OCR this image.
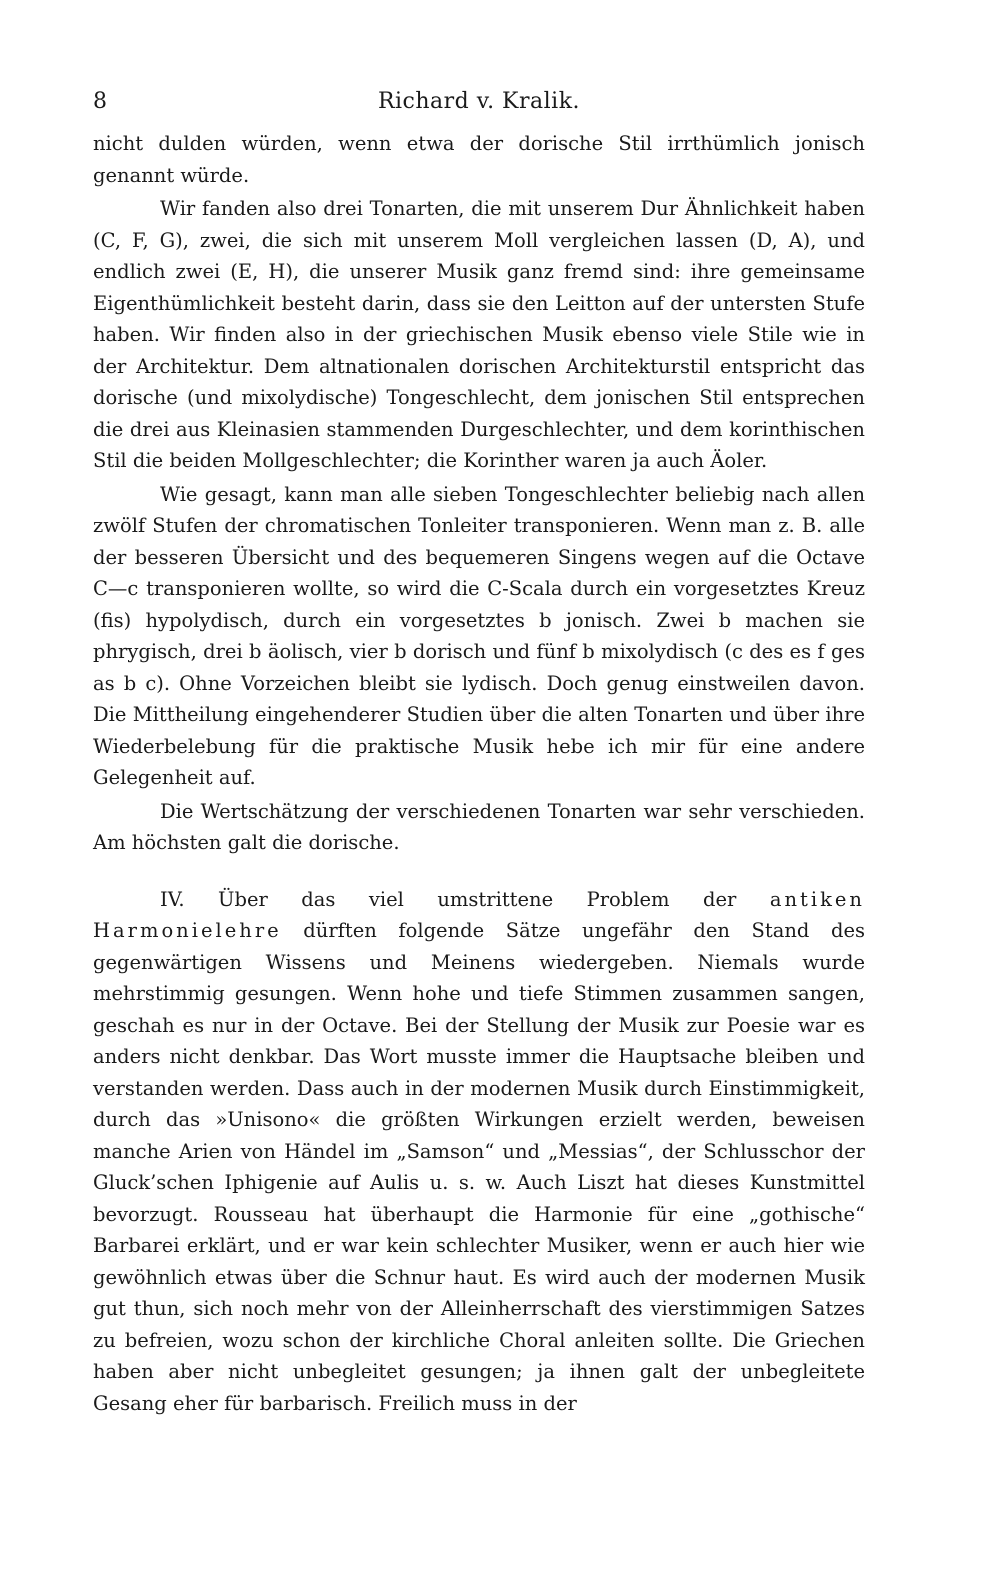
8	Richard v. Kralik.

nicht dulden würden, wenn etwa der dorische Stil irrthümlich jonisch genannt würde.

Wir fanden also drei Tonarten, die mit unserem Dur Ähnlichkeit haben (C, F, G), zwei, die sich mit unserem Moll vergleichen lassen (D, A), und endlich zwei (E, H), die unserer Musik ganz fremd sind: ihre gemeinsame Eigenthümlichkeit besteht darin, dass sie den Leitton auf der untersten Stufe haben. Wir finden also in der griechischen Musik ebenso viele Stile wie in der Architektur. Dem altnationalen dorischen Architekturstil entspricht das dorische (und mixolydische) Tongeschlecht, dem jonischen Stil entsprechen die drei aus Kleinasien stammenden Durgeschlechter, und dem korinthischen Stil die beiden Mollgeschlechter; die Korinther waren ja auch Äoler.

Wie gesagt, kann man alle sieben Tongeschlechter beliebig nach allen zwölf Stufen der chromatischen Tonleiter transponieren. Wenn man z. B. alle der besseren Übersicht und des bequemeren Singens wegen auf die Octave C—c transponieren wollte, so wird die C-Scala durch ein vorgesetztes Kreuz (fis) hypolydisch, durch ein vorgesetztes b jonisch. Zwei b machen sie phrygisch, drei b äolisch, vier b dorisch und fünf b mixolydisch (c des es f ges as b c). Ohne Vorzeichen bleibt sie lydisch. Doch genug einstweilen davon. Die Mittheilung eingehenderer Studien über die alten Tonarten und über ihre Wiederbelebung für die praktische Musik hebe ich mir für eine andere Gelegenheit auf.

Die Wertschätzung der verschiedenen Tonarten war sehr verschieden. Am höchsten galt die dorische.

IV. Über das viel umstrittene Problem der antiken Harmonielehre dürften folgende Sätze ungefähr den Stand des gegenwärtigen Wissens und Meinens wiedergeben. Niemals wurde mehrstimmig gesungen. Wenn hohe und tiefe Stimmen zusammen sangen, geschah es nur in der Octave. Bei der Stellung der Musik zur Poesie war es anders nicht denkbar. Das Wort musste immer die Hauptsache bleiben und verstanden werden. Dass auch in der modernen Musik durch Einstimmigkeit, durch das »Unisono« die größten Wirkungen erzielt werden, beweisen manche Arien von Händel im „Samson“ und „Messias“, der Schlusschor der Gluck’schen Iphigenie auf Aulis u. s. w. Auch Liszt hat dieses Kunstmittel bevorzugt. Rousseau hat überhaupt die Harmonie für eine „gothische“ Barbarei erklärt, und er war kein schlechter Musiker, wenn er auch hier wie gewöhnlich etwas über die Schnur haut. Es wird auch der modernen Musik gut thun, sich noch mehr von der Alleinherrschaft des vierstimmigen Satzes zu befreien, wozu schon der kirchliche Choral anleiten sollte. Die Griechen haben aber nicht unbegleitet gesungen; ja ihnen galt der unbegleitete Gesang eher für barbarisch. Freilich muss in der
